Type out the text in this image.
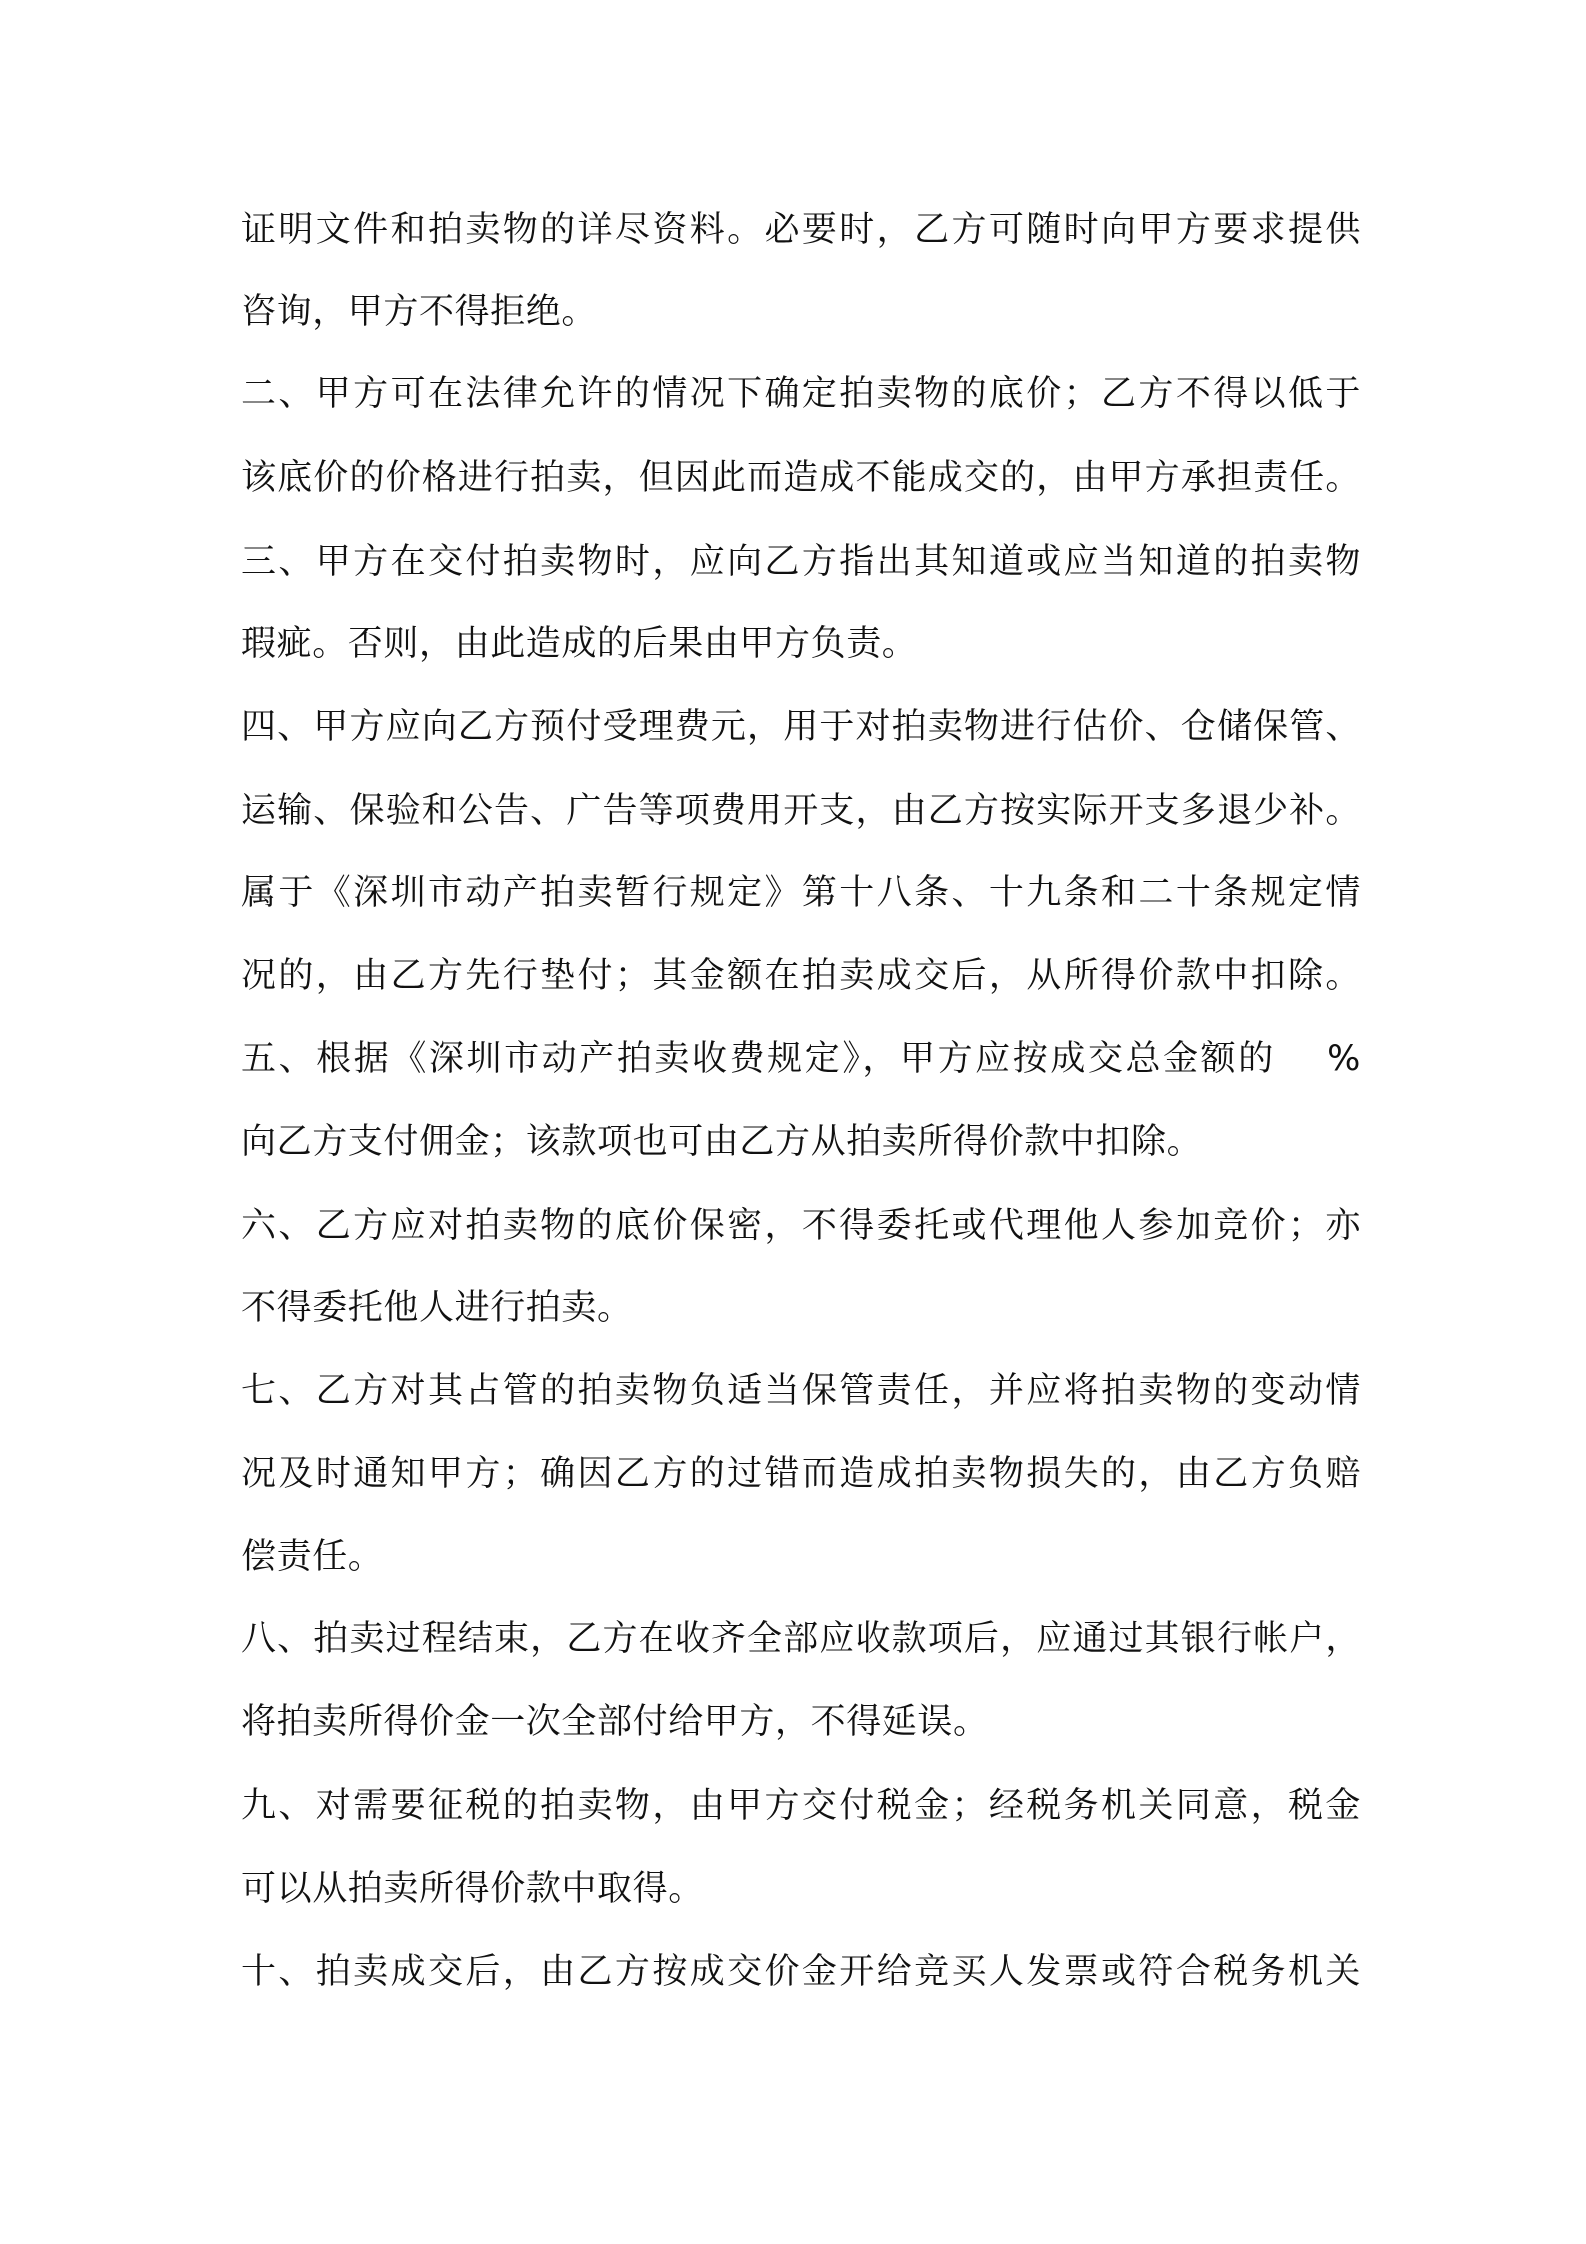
证明文件和拍卖物的详尽资料。必要时，乙方可随时向甲方要求提供
咨询，甲方不得拒绝。
二、甲方可在法律允许的情况下确定拍卖物的底价；乙方不得以低于
该底价的价格进行拍卖，但因此而造成不能成交的，由甲方承担责任。
三、甲方在交付拍卖物时，应向乙方指出其知道或应当知道的拍卖物
瑕疵。否则，由此造成的后果由甲方负责。
四、甲方应向乙方预付受理费元，用于对拍卖物进行估价、仓储保管、
运输、保验和公告、广告等项费用开支，由乙方按实际开支多退少补。
属于《深圳市动产拍卖暂行规定》第十八条、十九条和二十条规定情
况的，由乙方先行垫付；其金额在拍卖成交后，从所得价款中扣除。
五、根据《深圳市动产拍卖收费规定》，甲方应按成交总金额的　 %
向乙方支付佣金；该款项也可由乙方从拍卖所得价款中扣除。
六、乙方应对拍卖物的底价保密，不得委托或代理他人参加竞价；亦
不得委托他人进行拍卖。
七、乙方对其占管的拍卖物负适当保管责任，并应将拍卖物的变动情
况及时通知甲方；确因乙方的过错而造成拍卖物损失的，由乙方负赔
偿责任。
八、拍卖过程结束，乙方在收齐全部应收款项后，应通过其银行帐户，
将拍卖所得价金一次全部付给甲方，不得延误。
九、对需要征税的拍卖物，由甲方交付税金；经税务机关同意，税金
可以从拍卖所得价款中取得。
十、拍卖成交后，由乙方按成交价金开给竞买人发票或符合税务机关
